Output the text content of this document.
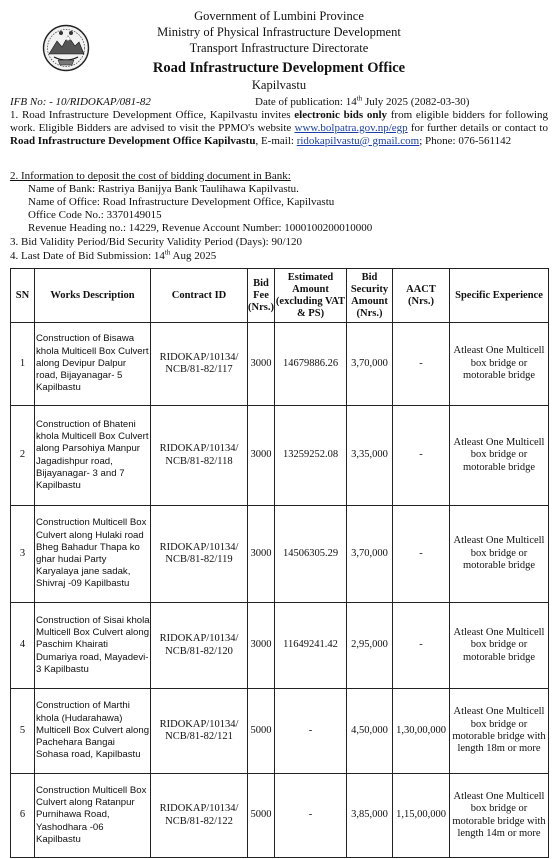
Government of Lumbini Province
Ministry of Physical Infrastructure Development
Transport Infrastructure Directorate
Road Infrastructure Development Office
Kapilvastu
IFB No: - 10/RIDOKAP/081-82	Date of publication: 14th July 2025 (2082-03-30)
1. Road Infrastructure Development Office, Kapilvastu invites electronic bids only from eligible bidders for following work. Eligible Bidders are advised to visit the PPMO's website www.bolpatra.gov.np/egp for further details or contact to Road Infrastructure Development Office Kapilvastu, E-mail: ridokapilvastu@ gmail.com; Phone: 076-561142
2. Information to deposit the cost of bidding document in Bank:
Name of Bank: Rastriya Banijya Bank Taulihawa Kapilvastu.
Name of Office: Road Infrastructure Development Office, Kapilvastu
Office Code No.: 3370149015
Revenue Heading no.: 14229, Revenue Account Number: 1000100200010000
3. Bid Validity Period/Bid Security Validity Period (Days): 90/120
4. Last Date of Bid Submission: 14th Aug 2025
SN	Works Description	Contract ID	Bid Fee (Nrs.)	Estimated Amount (excluding VAT & PS)	Bid Security Amount (Nrs.)	AACT (Nrs.)	Specific Experience
1	Construction of Bisawa khola Multicell Box Culvert along Devipur Dalpur road, Bijayanagar- 5 Kapilbastu	RIDOKAP/10134/ NCB/81-82/117	3000	14679886.26	3,70,000	-	Atleast One Multicell box bridge or motorable bridge
2	Construction of Bhateni khola Multicell Box Culvert along Parsohiya Manpur Jagadishpur road, Bijayanagar- 3 and 7 Kapilbastu	RIDOKAP/10134/ NCB/81-82/118	3000	13259252.08	3,35,000	-	Atleast One Multicell box bridge or motorable bridge
3	Construction Multicell Box Culvert along Hulaki road Bheg Bahadur Thapa ko ghar hudai Party Karyalaya jane sadak, Shivraj -09 Kapilbastu	RIDOKAP/10134/ NCB/81-82/119	3000	14506305.29	3,70,000	-	Atleast One Multicell box bridge or motorable bridge
4	Construction of Sisai khola Multicell Box Culvert along Paschim Khairati Dumariya road, Mayadevi- 3 Kapilbastu	RIDOKAP/10134/ NCB/81-82/120	3000	11649241.42	2,95,000	-	Atleast One Multicell box bridge or motorable bridge
5	Construction of Marthi khola (Hudarahawa) Multicell Box Culvert along Pachehara Bangai Sohasa road, Kapilbastu	RIDOKAP/10134/ NCB/81-82/121	5000	-	4,50,000	1,30,00,000	Atleast One Multicell box bridge or motorable bridge with length 18m or more
6	Construction Multicell Box Culvert along Ratanpur Purnihawa Road, Yashodhara -06 Kapilbastu	RIDOKAP/10134/ NCB/81-82/122	5000	-	3,85,000	1,15,00,000	Atleast One Multicell box bridge or motorable bridge with length 14m or more
